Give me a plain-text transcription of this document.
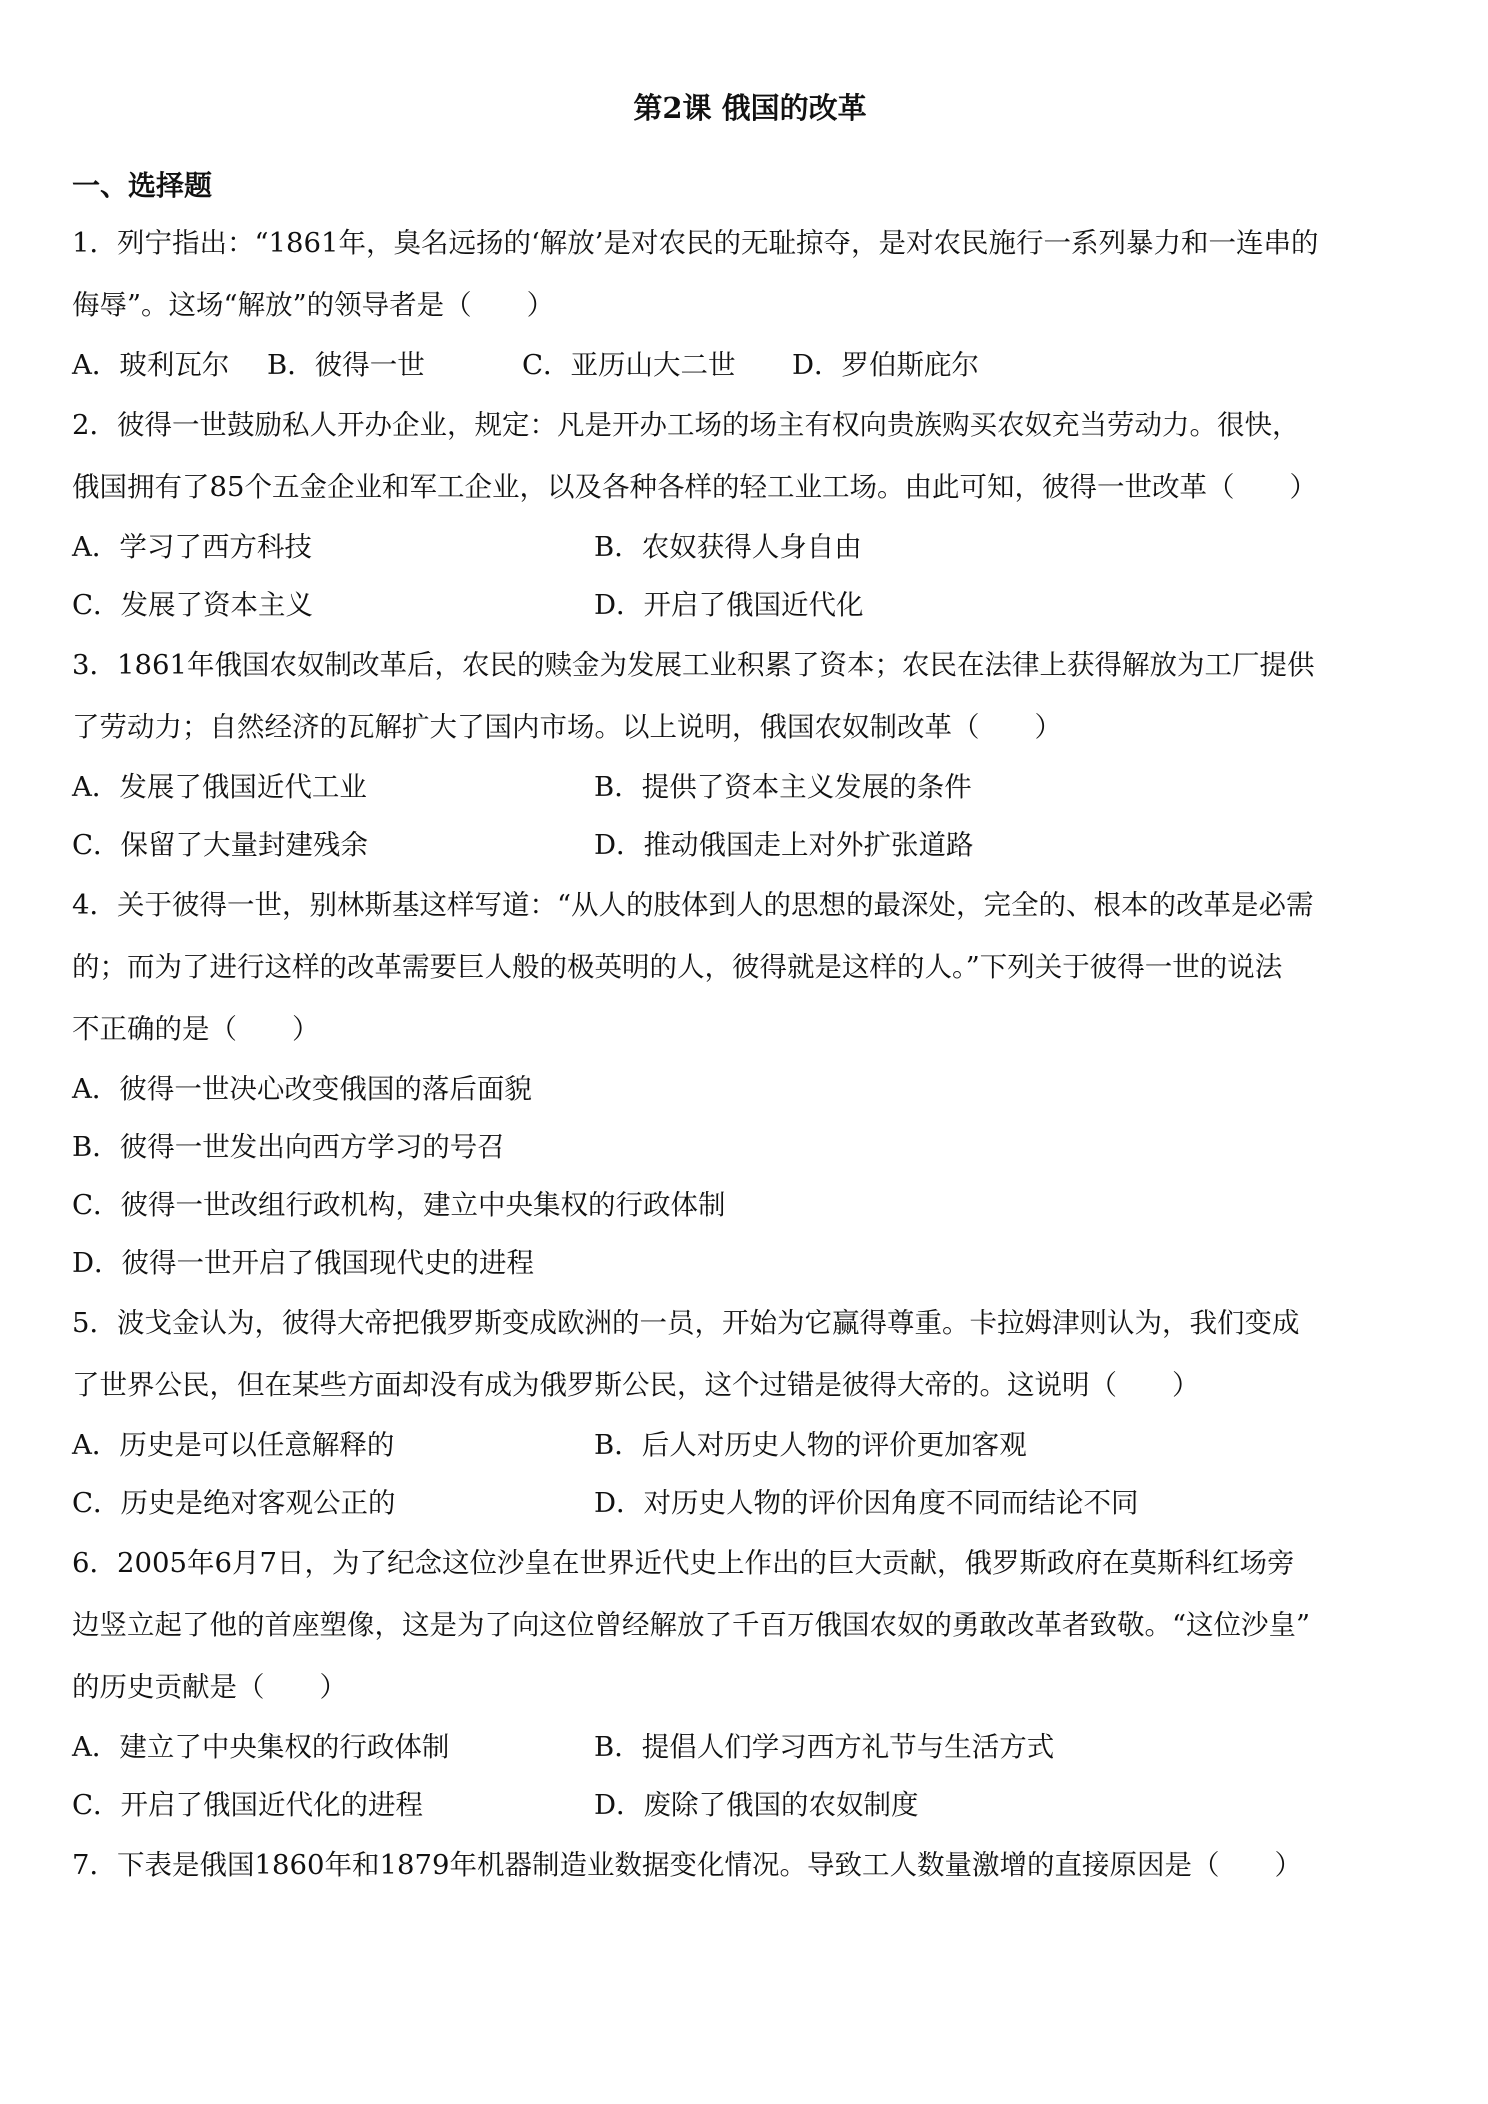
第2课 俄国的改革
一、选择题
1．列宁指出：“1861年，臭名远扬的‘解放’是对农民的无耻掠夺，是对农民施行一系列暴力和一连串的
侮辱”。这场“解放”的领导者是（　　）
A．玻利瓦尔	B．彼得一世	C．亚历山大二世	D．罗伯斯庇尔
2．彼得一世鼓励私人开办企业，规定：凡是开办工场的场主有权向贵族购买农奴充当劳动力。很快，
俄国拥有了85个五金企业和军工企业，以及各种各样的轻工业工场。由此可知，彼得一世改革（　　）
A．学习了西方科技	B．农奴获得人身自由
C．发展了资本主义	D．开启了俄国近代化
3．1861年俄国农奴制改革后，农民的赎金为发展工业积累了资本；农民在法律上获得解放为工厂提供
了劳动力；自然经济的瓦解扩大了国内市场。以上说明，俄国农奴制改革（　　）
A．发展了俄国近代工业	B．提供了资本主义发展的条件
C．保留了大量封建残余	D．推动俄国走上对外扩张道路
4．关于彼得一世，别林斯基这样写道：“从人的肢体到人的思想的最深处，完全的、根本的改革是必需
的；而为了进行这样的改革需要巨人般的极英明的人，彼得就是这样的人。”下列关于彼得一世的说法
不正确的是（　　）
A．彼得一世决心改变俄国的落后面貌
B．彼得一世发出向西方学习的号召
C．彼得一世改组行政机构，建立中央集权的行政体制
D．彼得一世开启了俄国现代史的进程
5．波戈金认为，彼得大帝把俄罗斯变成欧洲的一员，开始为它赢得尊重。卡拉姆津则认为，我们变成
了世界公民，但在某些方面却没有成为俄罗斯公民，这个过错是彼得大帝的。这说明（　　）
A．历史是可以任意解释的	B．后人对历史人物的评价更加客观
C．历史是绝对客观公正的	D．对历史人物的评价因角度不同而结论不同
6．2005年6月7日，为了纪念这位沙皇在世界近代史上作出的巨大贡献，俄罗斯政府在莫斯科红场旁
边竖立起了他的首座塑像，这是为了向这位曾经解放了千百万俄国农奴的勇敢改革者致敬。“这位沙皇”
的历史贡献是（　　）
A．建立了中央集权的行政体制	B．提倡人们学习西方礼节与生活方式
C．开启了俄国近代化的进程	D．废除了俄国的农奴制度
7．下表是俄国1860年和1879年机器制造业数据变化情况。导致工人数量激增的直接原因是（　　）
